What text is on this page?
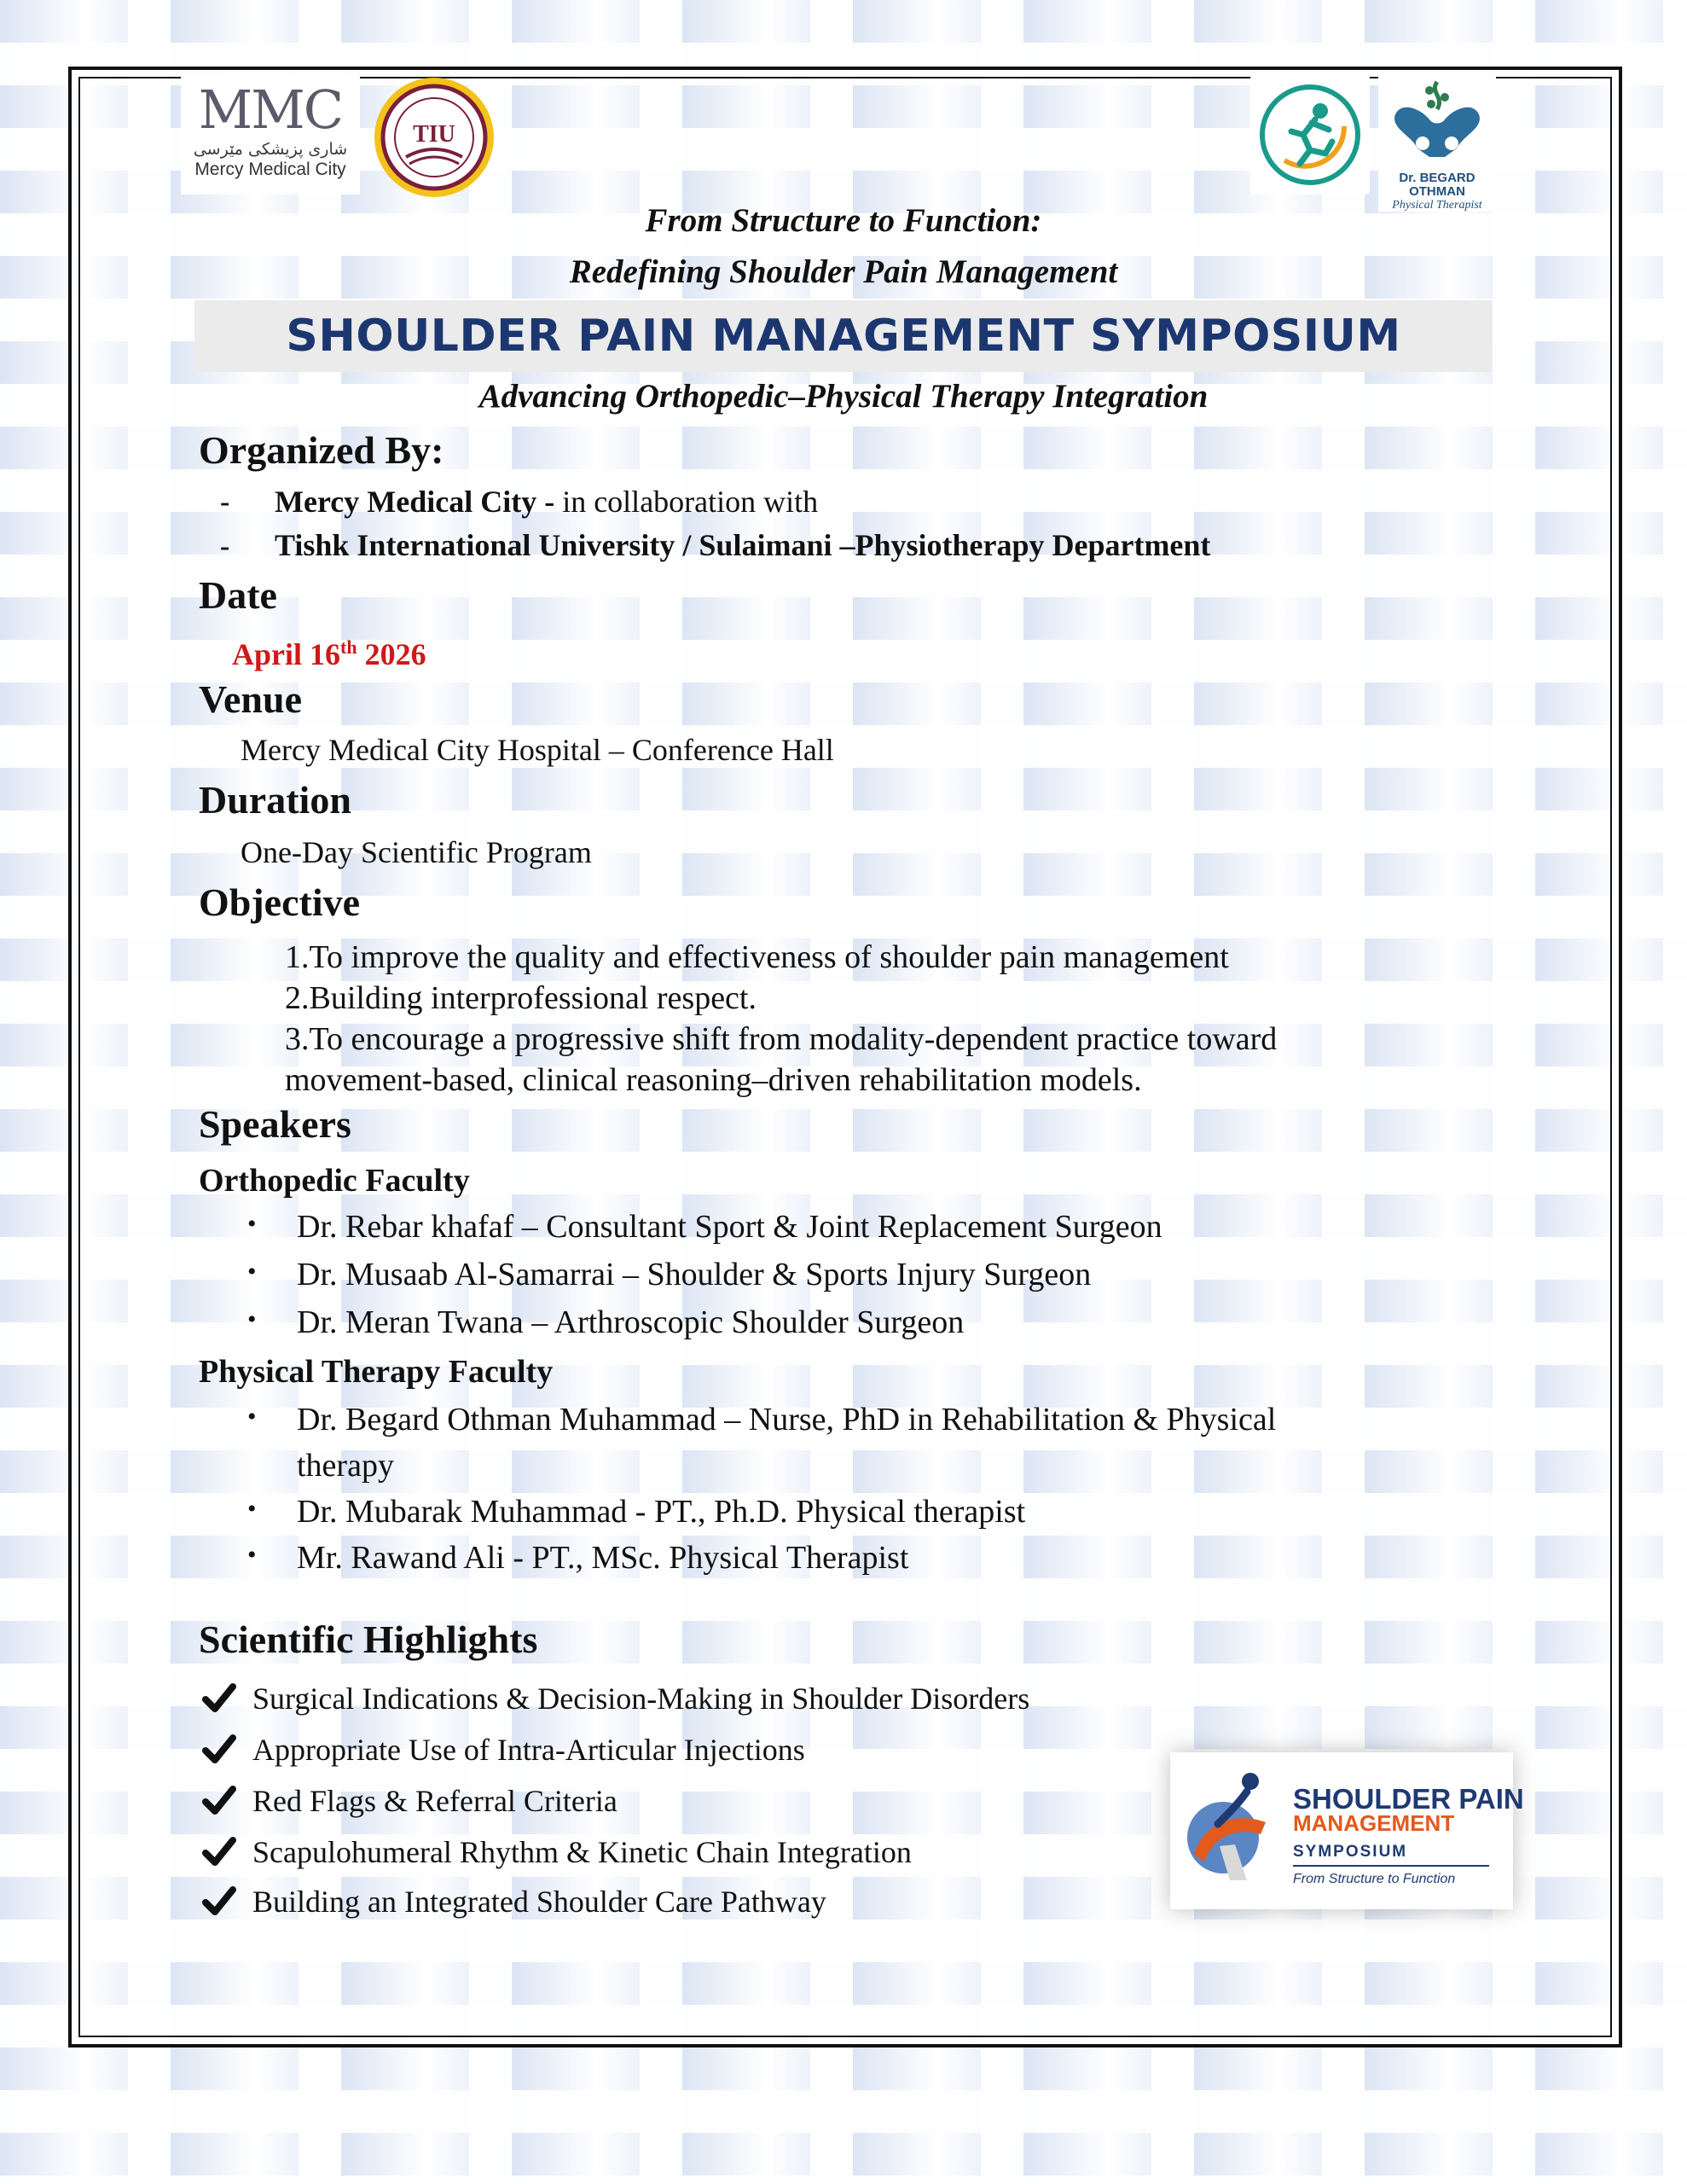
MMC
شاری پزیشکی مێرسی
Mercy Medical City
TIU
Dr. BEGARD OTHMAN
Physical Therapist
From Structure to Function:
Redefining Shoulder Pain Management
SHOULDER PAIN MANAGEMENT SYMPOSIUM
Advancing Orthopedic–Physical Therapy Integration
Organized By:
- Mercy Medical City - in collaboration with
- Tishk International University / Sulaimani –Physiotherapy Department
Date
April 16th 2026
Venue
Mercy Medical City Hospital – Conference Hall
Duration
One-Day Scientific Program
Objective
1.To improve the quality and effectiveness of shoulder pain management
2.Building interprofessional respect.
3.To encourage a progressive shift from modality-dependent practice toward
movement-based, clinical reasoning–driven rehabilitation models.
Speakers
Orthopedic Faculty
• Dr. Rebar khafaf – Consultant Sport & Joint Replacement Surgeon
• Dr. Musaab Al-Samarrai – Shoulder & Sports Injury Surgeon
• Dr. Meran Twana – Arthroscopic Shoulder Surgeon
Physical Therapy Faculty
• Dr. Begard Othman Muhammad – Nurse, PhD in Rehabilitation & Physical
therapy
• Dr. Mubarak Muhammad - PT., Ph.D. Physical therapist
• Mr. Rawand Ali - PT., MSc. Physical Therapist
Scientific Highlights
Surgical Indications & Decision-Making in Shoulder Disorders
Appropriate Use of Intra-Articular Injections
Red Flags & Referral Criteria
Scapulohumeral Rhythm & Kinetic Chain Integration
Building an Integrated Shoulder Care Pathway
SHOULDER PAIN
MANAGEMENT
SYMPOSIUM
From Structure to Function
